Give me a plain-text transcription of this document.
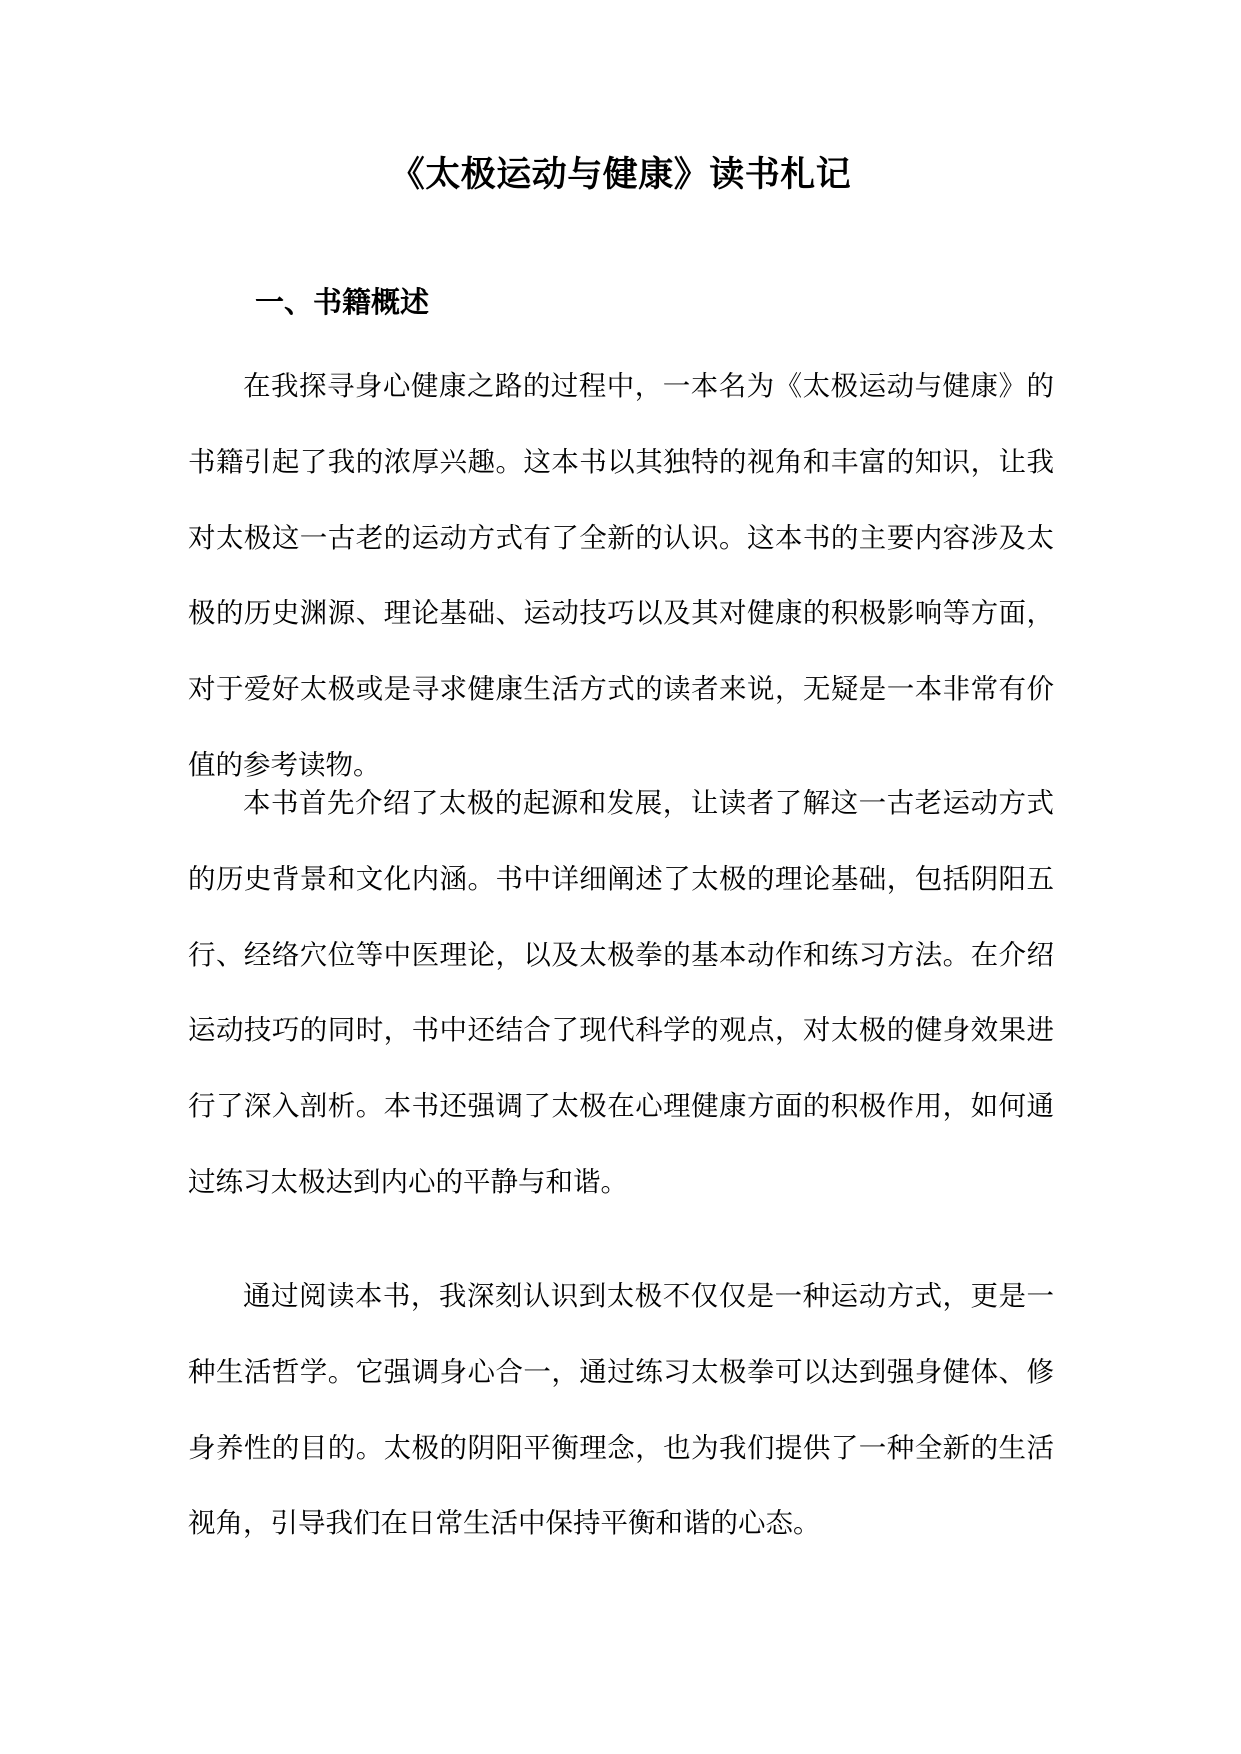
《太极运动与健康》读书札记
一、书籍概述

在我探寻身心健康之路的过程中，一本名为《太极运动与健康》的书籍引起了我的浓厚兴趣。这本书以其独特的视角和丰富的知识，让我对太极这一古老的运动方式有了全新的认识。这本书的主要内容涉及太极的历史渊源、理论基础、运动技巧以及其对健康的积极影响等方面，对于爱好太极或是寻求健康生活方式的读者来说，无疑是一本非常有价值的参考读物。

本书首先介绍了太极的起源和发展，让读者了解这一古老运动方式的历史背景和文化内涵。书中详细阐述了太极的理论基础，包括阴阳五行、经络穴位等中医理论，以及太极拳的基本动作和练习方法。在介绍运动技巧的同时，书中还结合了现代科学的观点，对太极的健身效果进行了深入剖析。本书还强调了太极在心理健康方面的积极作用，如何通过练习太极达到内心的平静与和谐。

通过阅读本书，我深刻认识到太极不仅仅是一种运动方式，更是一种生活哲学。它强调身心合一，通过练习太极拳可以达到强身健体、修身养性的目的。太极的阴阳平衡理念，也为我们提供了一种全新的生活视角，引导我们在日常生活中保持平衡和谐的心态。
